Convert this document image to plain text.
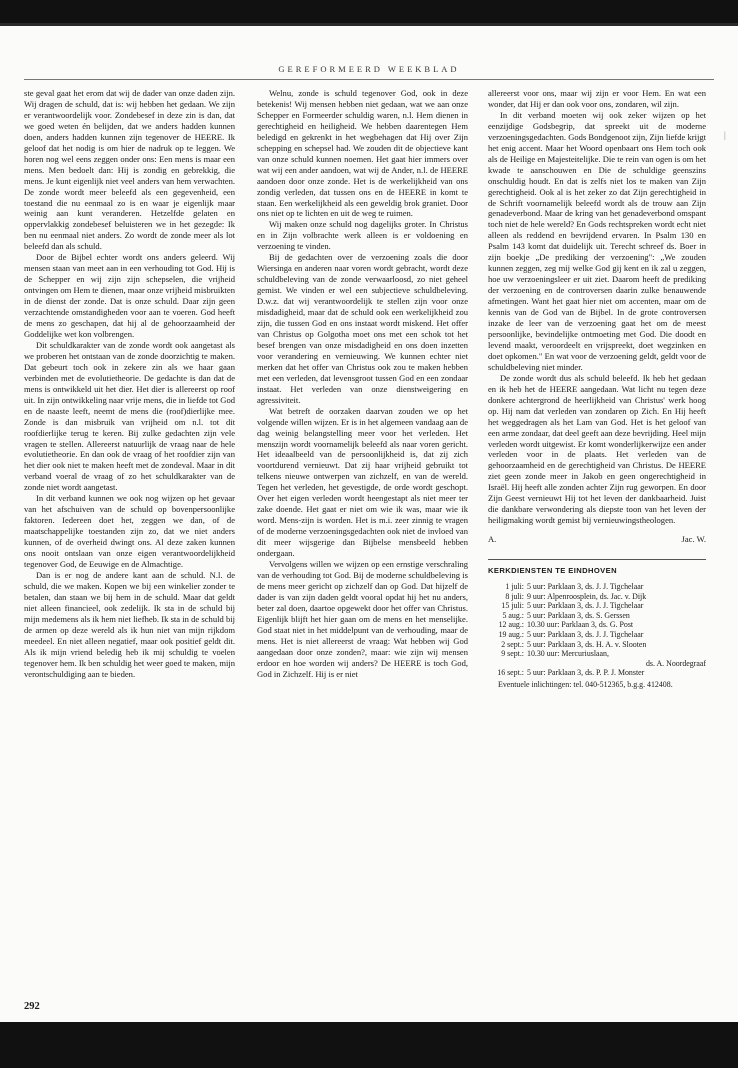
GEREFORMEERD WEEKBLAD

ste geval gaat het erom dat wij de dader van onze daden zijn. Wij dragen de schuld, dat is: wij hebben het gedaan. We zijn er verantwoordelijk voor. Zondebesef in deze zin is dan, dat we goed weten én belijden, dat we anders hadden kunnen doen, anders hadden kunnen zijn tegenover de HEERE. Ik geloof dat het nodig is om hier de nadruk op te leggen. We horen nog wel eens zeggen onder ons: Een mens is maar een mens. Men bedoelt dan: Hij is zondig en gebrekkig, die mens. Je kunt eigenlijk niet veel anders van hem verwachten. De zonde wordt meer beleefd als een gegevenheid, een toestand die nu eenmaal zo is en waar je eigenlijk maar weinig aan kunt veranderen. Hetzelfde gelaten en oppervlakkig zondebesef beluisteren we in het gezegde: Ik ben nu eenmaal niet anders. Zo wordt de zonde meer als lot beleefd dan als schuld.

Door de Bijbel echter wordt ons anders geleerd. Wij mensen staan van meet aan in een verhouding tot God. Hij is de Schepper en wij zijn zijn schepselen, die vrijheid ontvingen om Hem te dienen, maar onze vrijheid misbruikten in de dienst der zonde. Dat is onze schuld. Daar zijn geen verzachtende omstandigheden voor aan te voeren. God heeft de mens zo geschapen, dat hij al de gehoorzaamheid der Goddelijke wet kon volbrengen.

Dit schuldkarakter van de zonde wordt ook aangetast als we proberen het ontstaan van de zonde doorzichtig te maken. Dat gebeurt toch ook in zekere zin als we haar gaan verbinden met de evolutietheorie. De gedachte is dan dat de mens is ontwikkeld uit het dier. Het dier is allereerst op roof uit. In zijn ontwikkeling naar vrije mens, die in liefde tot God en de naaste leeft, neemt de mens die (roof)dierlijke mee. Zonde is dan misbruik van vrijheid om n.l. tot dit roofdierlijke terug te keren. Bij zulke gedachten zijn vele vragen te stellen. Allereerst natuurlijk de vraag naar de hele evolutietheorie. En dan ook de vraag of het roofdier zijn van het dier ook niet te maken heeft met de zondeval. Maar in dit verband voeral de vraag of zo het schuldkarakter van de zonde niet wordt aangetast.

In dit verband kunnen we ook nog wijzen op het gevaar van het afschuiven van de schuld op bovenpersoonlijke faktoren. Iedereen doet het, zeggen we dan, of de maatschappelijke toestanden zijn zo, dat we niet anders kunnen, of de overheid dwingt ons. Al deze zaken kunnen ons nooit ontslaan van onze eigen verantwoordelijkheid tegenover God, de Eeuwige en de Almachtige.

Dan is er nog de andere kant aan de schuld. N.l. de schuld, die we maken. Kopen we bij een winkelier zonder te betalen, dan staan we bij hem in de schuld. Maar dat geldt niet alleen financieel, ook zedelijk. Ik sta in de schuld bij mijn medemens als ik hem niet liefheb. Ik sta in de schuld bij de armen op deze wereld als ik hun niet van mijn rijkdom meedeel. En niet alleen negatief, maar ook positief geldt dit. Als ik mijn vriend beledig heb ik mij schuldig te voelen tegenover hem. Ik ben schuldig het weer goed te maken, mijn verontschuldiging aan te bieden.

Welnu, zonde is schuld tegenover God, ook in deze betekenis! Wij mensen hebben niet gedaan, wat we aan onze Schepper en Formeerder schuldig waren, n.l. Hem dienen in gerechtigheid en heiligheid. We hebben daarentegen Hem beledigd en gekrenkt in het wegbehagen dat Hij over Zijn schepping en schepsel had. We zouden dit de objectieve kant van onze schuld kunnen noemen. Het gaat hier immers over wat wij een ander aandoen, wat wij de Ander, n.l. de HEERE aandoen door onze zonde. Het is de werkelijkheid van ons zondig verleden, dat tussen ons en de HEERE in komt te staan. Een werkelijkheid als een geweldig brok graniet. Door ons niet op te lichten en uit de weg te ruimen.

Wij maken onze schuld nog dagelijks groter. In Christus en in Zijn volbrachte werk alleen is er voldoening en verzoening te vinden.

Bij de gedachten over de verzoening zoals die door Wiersinga en anderen naar voren wordt gebracht, wordt deze schuldbeleving van de zonde verwaarloosd, zo niet geheel gemist. We vinden er wel een subjectieve schuldbeleving. D.w.z. dat wij verantwoordelijk te stellen zijn voor onze misdadigheid, maar dat de schuld ook een werkelijkheid zou zijn, die tussen God en ons instaat wordt miskend. Het offer van Christus op Golgotha moet ons met een schok tot het besef brengen van onze misdadigheid en ons doen inzetten voor verandering en vernieuwing. We kunnen echter niet merken dat het offer van Christus ook zou te maken hebben met een verleden, dat levensgroot tussen God en een zondaar instaat. Het verleden van onze dienstweigering en agressiviteit.

Wat betreft de oorzaken daarvan zouden we op het volgende willen wijzen. Er is in het algemeen vandaag aan de dag weinig belangstelling meer voor het verleden. Het menszijn wordt voornamelijk beleefd als naar voren gericht. Het ideaalbeeld van de persoonlijkheid is, dat zij zich voortdurend vernieuwt. Dat zij haar vrijheid gebruikt tot telkens nieuwe ontwerpen van zichzelf, en van de wereld. Tegen het verleden, het gevestigde, de orde wordt geschopt. Over het eigen verleden wordt heengestapt als niet meer ter zake doende. Het gaat er niet om wie ik was, maar wie ik word. Mens-zijn is worden. Het is m.i. zeer zinnig te vragen of de moderne verzoeningsgedachten ook niet de invloed van dit meer wijsgerige dan Bijbelse mensbeeld hebben ondergaan.

Vervolgens willen we wijzen op een ernstige verschraling van de verhouding tot God. Bij de moderne schuldbeleving is de mens meer gericht op zichzelf dan op God. Dat hijzelf de dader is van zijn daden geldt vooral opdat hij het nu anders, beter zal doen, daartoe opgewekt door het offer van Christus. Eigenlijk blijft het hier gaan om de mens en het menselijke. God staat niet in het middelpunt van de verhouding, maar de mens. Het is niet allereerst de vraag: Wat hebben wij God aangedaan door onze zonden?, maar: wie zijn wij mensen erdoor en hoe worden wij anders? De HEERE is toch God, God in Zichzelf. Hij is er niet

allereerst voor ons, maar wij zijn er voor Hem. En wat een wonder, dat Hij er dan ook voor ons, zondaren, wil zijn.

In dit verband moeten wij ook zeker wijzen op het eenzijdige Godsbegrip, dat spreekt uit de moderne verzoeningsgedachten. Gods Bondgenoot zijn, Zijn liefde krijgt het enig accent. Maar het Woord openbaart ons Hem toch ook als de Heilige en Majesteitelijke. Die te rein van ogen is om het kwade te aanschouwen en Die de schuldige geenszins onschuldig houdt. En dat is zelfs niet los te maken van Zijn gerechtigheid. Ook al is het zeker zo dat Zijn gerechtigheid in de Schrift voornamelijk beleefd wordt als de trouw aan Zijn genadeverbond. Maar de kring van het genadeverbond omspant toch niet de hele wereld? En Gods rechtspreken wordt echt niet alleen als reddend en bevrijdend ervaren. In Psalm 130 en Psalm 143 komt dat duidelijk uit. Terecht schreef ds. Boer in zijn boekje „De prediking der verzoening": „We zouden kunnen zeggen, zeg mij welke God gij kent en ik zal u zeggen, hoe uw verzoeningsleer er uit ziet. Daarom heeft de prediking der verzoening en de controversen daarin zulke benauwende afmetingen. Want het gaat hier niet om accenten, maar om de kennis van de God van de Bijbel. In de grote controversen inzake de leer van de verzoening gaat het om de meest persoonlijke, bevindelijke ontmoeting met God. Die doodt en levend maakt, veroordeelt en vrijspreekt, doet wegzinken en doet opkomen." En wat voor de verzoening geldt, geldt voor de schuldbeleving niet minder.

De zonde wordt dus als schuld beleefd. Ik heb het gedaan en ik heb het de HEERE aangedaan. Wat licht nu tegen deze donkere achtergrond de heerlijkheid van Christus' werk hoog op. Hij nam dat verleden van zondaren op Zich. En Hij heeft het weggedragen als het Lam van God. Het is het geloof van een arme zondaar, dat deel geeft aan deze bevrijding. Heel mijn verleden wordt uitgewist. Er komt wonderlijkerwijze een ander verleden voor in de plaats. Het verleden van de gehoorzaamheid en de gerechtigheid van Christus. De HEERE ziet geen zonde meer in Jakob en geen ongerechtigheid in Israël. Hij heeft alle zonden achter Zijn rug geworpen. En door Zijn Geest vernieuwt Hij tot het leven der dankbaarheid. Juist die dankbare verwondering als diepste toon van het leven der heiligmaking wordt gemist bij vernieuwingstheologen.

A.	Jac. W.
KERKDIENSTEN TE EINDHOVEN
1 juli: 5 uur: Parklaan 3, ds. J. J. Tigchelaar
8 juli: 9 uur: Alpenroosplein, ds. Jac. v. Dijk
15 juli: 5 uur: Parklaan 3, ds. J. J. Tigchelaar
5 aug.: 5 uur: Parklaan 3, ds. S. Gerssen
12 aug.: 10.30 uur: Parklaan 3, ds. G. Post
19 aug.: 5 uur: Parklaan 3, ds. J. J. Tigchelaar
2 sept.: 5 uur: Parklaan 3, ds. H. A. v. Slooten
9 sept.: 10.30 uur: Mercuriuslaan,
ds. A. Noordegraaf
16 sept.: 5 uur: Parklaan 3, ds. P. P. J. Monster
Eventuele inlichtingen: tel. 040-512365, b.g.g. 412408.
292
|
